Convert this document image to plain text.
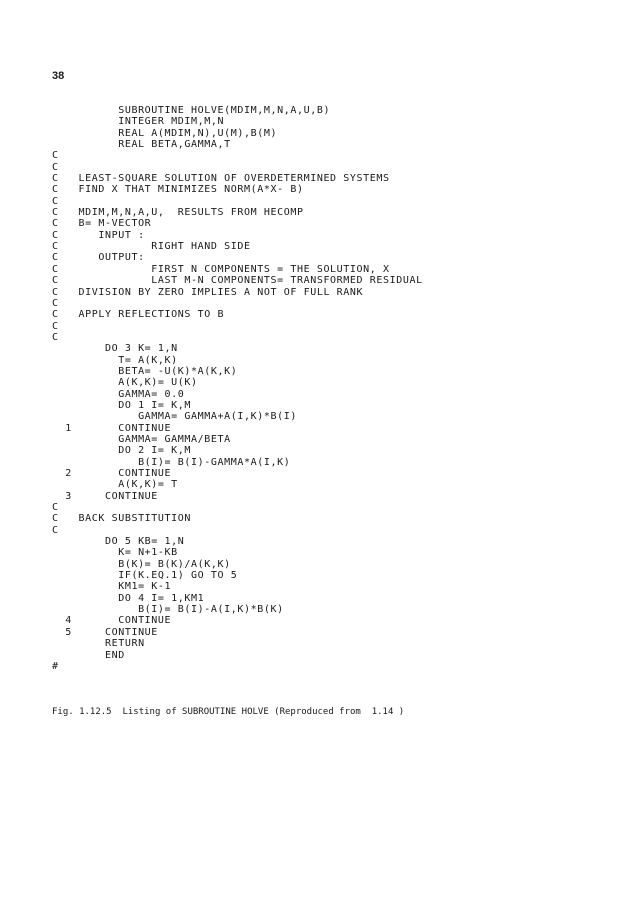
38
SUBROUTINE HOLVE(MDIM,M,N,A,U,B)
INTEGER MDIM,M,N
REAL A(MDIM,N),U(M),B(M)
REAL BETA,GAMMA,T
C
C
C   LEAST-SQUARE SOLUTION OF OVERDETERMINED SYSTEMS
C   FIND X THAT MINIMIZES NORM(A*X- B)
C
C   MDIM,M,N,A,U,  RESULTS FROM HECOMP
C   B= M-VECTOR
C      INPUT :
C              RIGHT HAND SIDE
C      OUTPUT:
C              FIRST N COMPONENTS = THE SOLUTION, X
C              LAST M-N COMPONENTS= TRANSFORMED RESIDUAL
C   DIVISION BY ZERO IMPLIES A NOT OF FULL RANK
C
C   APPLY REFLECTIONS TO B
C
C
DO 3 K= 1,N
T= A(K,K)
BETA= -U(K)*A(K,K)
A(K,K)= U(K)
GAMMA= 0.0
DO 1 I= K,M
GAMMA= GAMMA+A(I,K)*B(I)
1       CONTINUE
GAMMA= GAMMA/BETA
DO 2 I= K,M
B(I)= B(I)-GAMMA*A(I,K)
2       CONTINUE
A(K,K)= T
3     CONTINUE
C
C   BACK SUBSTITUTION
C
DO 5 KB= 1,N
K= N+1-KB
B(K)= B(K)/A(K,K)
IF(K.EQ.1) GO TO 5
KM1= K-1
DO 4 I= 1,KM1
B(I)= B(I)-A(I,K)*B(K)
4       CONTINUE
5     CONTINUE
RETURN
END
#

Fig. 1.12.5  Listing of SUBROUTINE HOLVE (Reproduced from  1.14 )
